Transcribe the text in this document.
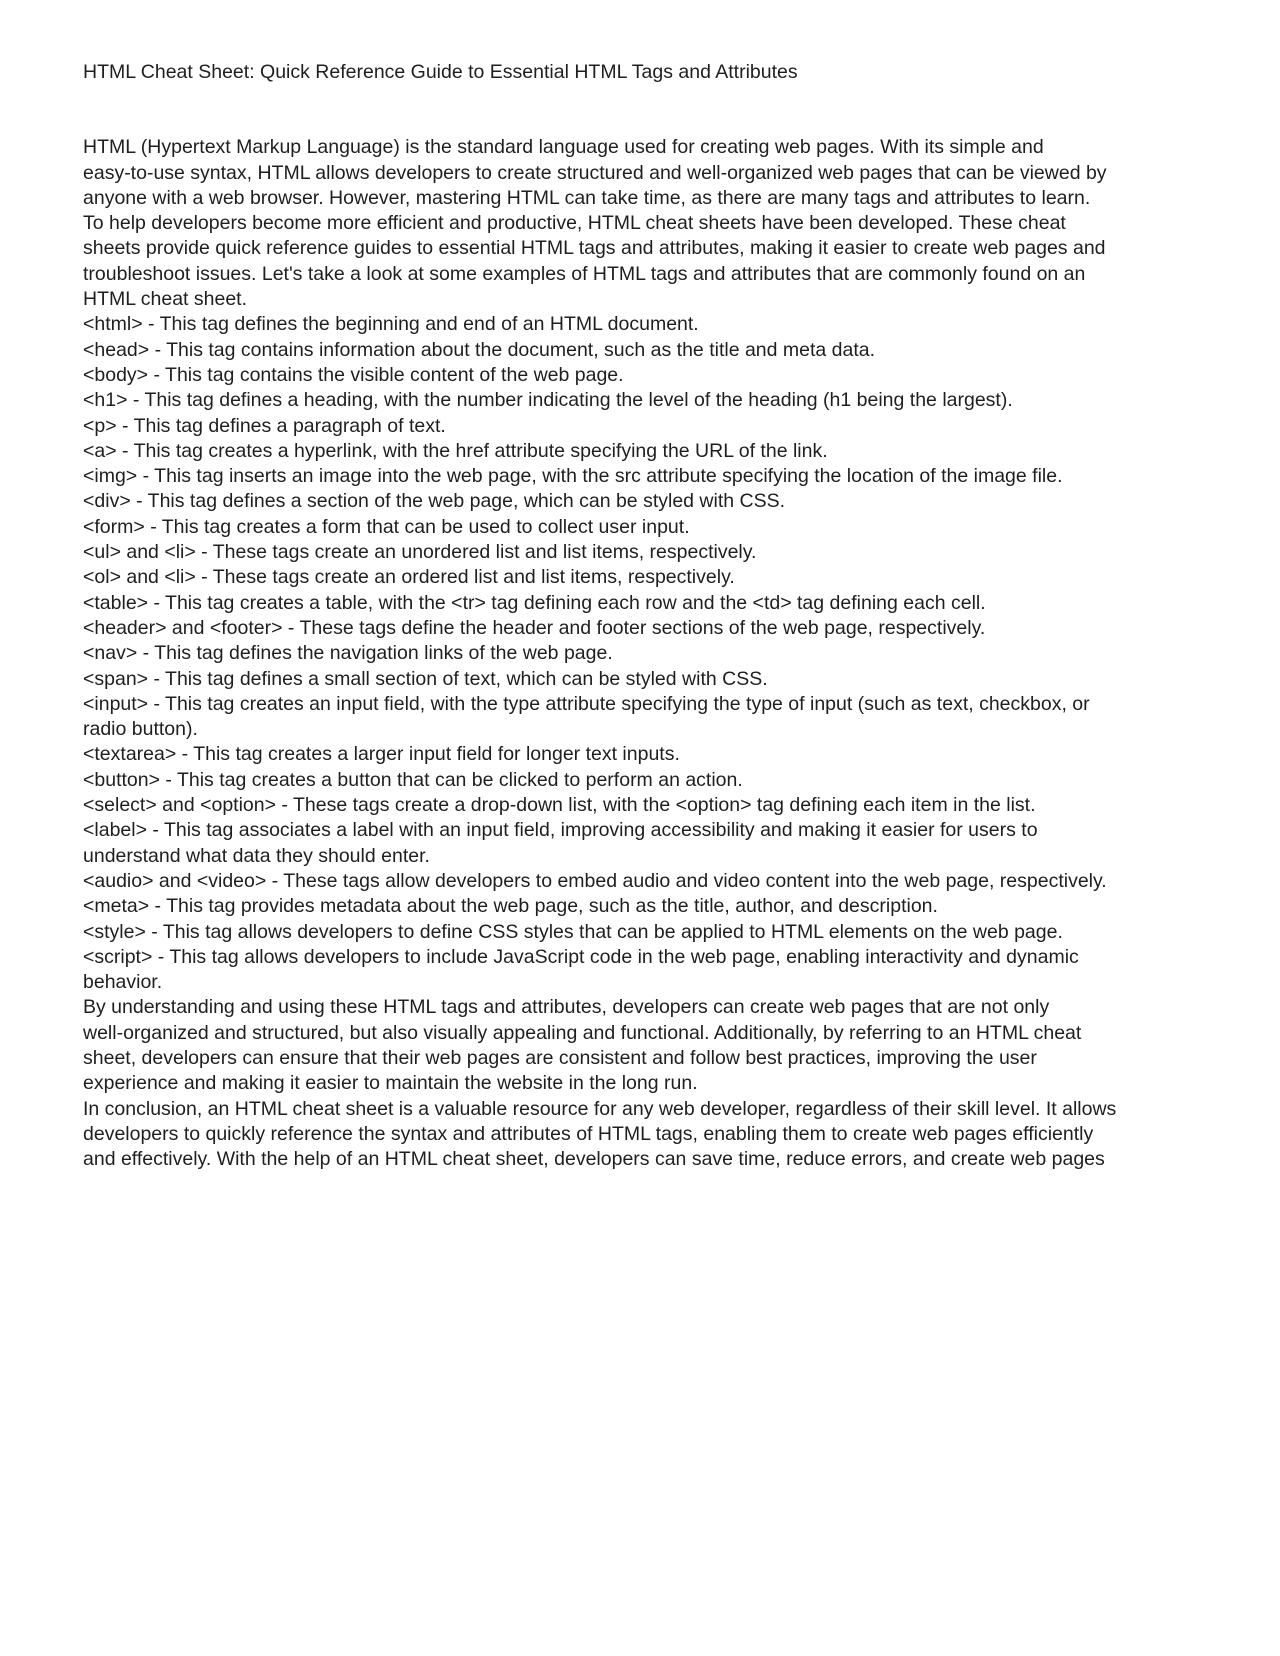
HTML Cheat Sheet: Quick Reference Guide to Essential HTML Tags and Attributes

HTML (Hypertext Markup Language) is the standard language used for creating web pages. With its simple and
easy-to-use syntax, HTML allows developers to create structured and well-organized web pages that can be viewed by
anyone with a web browser. However, mastering HTML can take time, as there are many tags and attributes to learn.

To help developers become more efficient and productive, HTML cheat sheets have been developed. These cheat
sheets provide quick reference guides to essential HTML tags and attributes, making it easier to create web pages and
troubleshoot issues. Let's take a look at some examples of HTML tags and attributes that are commonly found on an
HTML cheat sheet.

<html> - This tag defines the beginning and end of an HTML document.
<head> - This tag contains information about the document, such as the title and meta data.
<body> - This tag contains the visible content of the web page.
<h1> - This tag defines a heading, with the number indicating the level of the heading (h1 being the largest).
<p> - This tag defines a paragraph of text.
<a> - This tag creates a hyperlink, with the href attribute specifying the URL of the link.

<img> - This tag inserts an image into the web page, with the src attribute specifying the location of the image file.

<div> - This tag defines a section of the web page, which can be styled with CSS.
<form> - This tag creates a form that can be used to collect user input.

<ul> and <li> - These tags create an unordered list and list items, respectively.
<ol> and <li> - These tags create an ordered list and list items, respectively.
<table> - This tag creates a table, with the <tr> tag defining each row and the <td> tag defining each cell.
<header> and <footer> - These tags define the header and footer sections of the web page, respectively.
<nav> - This tag defines the navigation links of the web page.
<span> - This tag defines a small section of text, which can be styled with CSS.

<input> - This tag creates an input field, with the type attribute specifying the type of input (such as text, checkbox, or
radio button).

<textarea> - This tag creates a larger input field for longer text inputs.

<button> - This tag creates a button that can be clicked to perform an action.

<select> and <option> - These tags create a drop-down list, with the <option> tag defining each item in the list.

<label> - This tag associates a label with an input field, improving accessibility and making it easier for users to
understand what data they should enter.

<audio> and <video> - These tags allow developers to embed audio and video content into the web page, respectively.

<meta> - This tag provides metadata about the web page, such as the title, author, and description.

<style> - This tag allows developers to define CSS styles that can be applied to HTML elements on the web page.

<script> - This tag allows developers to include JavaScript code in the web page, enabling interactivity and dynamic
behavior.

By understanding and using these HTML tags and attributes, developers can create web pages that are not only
well-organized and structured, but also visually appealing and functional. Additionally, by referring to an HTML cheat
sheet, developers can ensure that their web pages are consistent and follow best practices, improving the user
experience and making it easier to maintain the website in the long run.

In conclusion, an HTML cheat sheet is a valuable resource for any web developer, regardless of their skill level. It allows
developers to quickly reference the syntax and attributes of HTML tags, enabling them to create web pages efficiently
and effectively. With the help of an HTML cheat sheet, developers can save time, reduce errors, and create web pages
